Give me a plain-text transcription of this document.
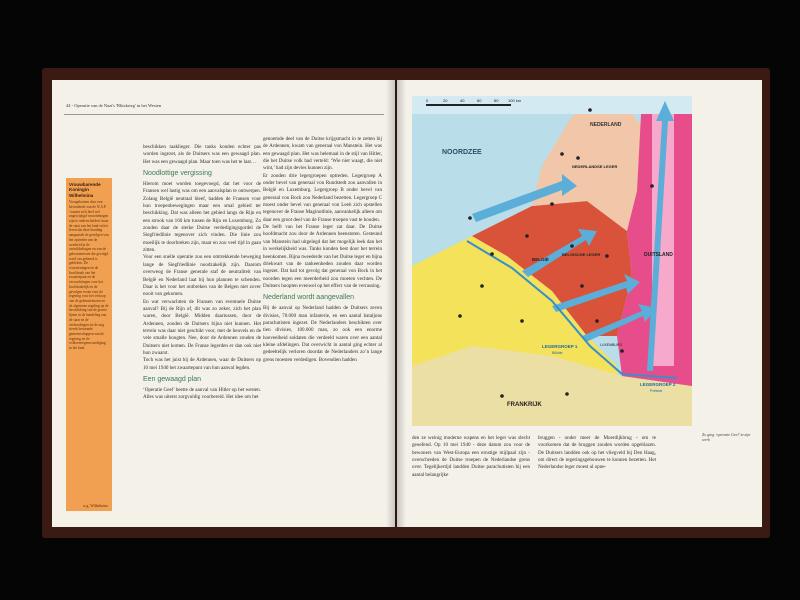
44 - Operatie van de Nazi's 'Blitzkrieg' in het Westen
Vrouwbarende Koningin Wilhelmina

Voorgekomen door een bevindende van de N.A.P. ‘waarin zich heel wel ongewijzigd voorzieningen zijn te onderscheiden’ maar de staat van het land en het leven dat deze houding aangaande de gevolgen van het optreden van de overheid in de ontwikkelingen en van de gebeurtenissen die gevolgd werd om gebeurd is gebleken. De voorzieningen en de hoofdzaak van het zwaartepunt en de verwachtingen voor het hoofdzakelijk en de gevolgen ervan voor de regering voor het verloop van de gebeurtenissen en de algemene regeling op de beschikking van de groote lijnen in de handeling van de staat en de verhoudingen tot de nog steeds bestaande gemeenschappen van de regering en de volksvertegenwoordiging in het land.

w.g. Wilhelmina

beschikken taaklieger. Die tanks konden echter pas worden ingezet, als de Duitsers was een gewaagd plan. Het was een gewaagd plan. Maar toen was het te laat…

Noodlottige vergissing

Hierom moet worden toegevoegd, dat het voor de Fransen wel lastig was om een aanvalsplan te ontwerpen. Zolang België neutraal bleef, hadden de Fransen voor hun troepenbewegingen maar een smal gebied ter beschikking. Dat was alleen het gebied langs de Rijn en een strook van 160 km tussen de Rijn en Luxemburg. Zo zouden daar de sterke Duitse verdedigingsgordel de Siegfriedlinie tegenover zich vinden. Die linie zou moeilijk te doorbreken zijn, maar en zou veel tijd in gaan zitten.

Voor een snelle operatie zou een omtrekkende beweging lange de Siegfriedlinie noodzakelijk zijn. Daarom overweog de Franse generale staf de neutraliteit van België en Nederland laat bij hun plannen te schenden. Daar is het voor het ontbreken van de Belgen niet zover nooit van gekomen.

En wat verwachtten de Fransen van eventuele Duitse aanval? Bij de Rijn of, dit was zo zeker, zich het plan waren, door België. Midden daartussen, door de Ardennen, zouden de Duitsers bijna niet kunnen. Het terrein was daar niet geschikt voor, met de heuvels en de vele smalle hoogten. Nee, door de Ardennen zouden de Duitsers niet komen. De Franse legerden er dan ook niet hun zwaarst.

Toch was het juist bij de Ardennen, waar de Duitsers op 10 mei 1940 het zwaartepunt van hun aanval legden.

Een gewaagd plan

‘Operatie Geel’ heette de aanval van Hitler op het westen. Alles was uiterst zorgvuldig voorbereid. Het idee om het

genoemde deel van de Duitse krijgsmacht in te zetten bij de Ardennen, kwam van generaal von Manstein. Het was een gewaagd plan. Het was helemaal in de stijl van Hitler, die het Duitse volk had verteld: ‘Wie niet waagt, die niet wint,’ had zijn devies kunnen zijn.

Er zouden drie legergroepen optreden. Legergroep A onder bevel van generaal von Rundstedt zou aanvallen in België en Luxemburg. Legergroep B onder bevel van generaal von Bock zou Nederland bezetten. Legergroep C moest onder bevel van generaal von Leeb zich opstellen tegenover de Franse Maginotlinie, aanvankelijk alleen om daar een groot deel van de Franse troepen vast te houden.

De helft van het Franse leger zat daar. De Duitse hoofdmacht zou door de Ardennen heenstoten. Gesteund van Manstein had uitgelegd dat het mogelijk leek dan het in werkelijkheid was. Tanks konden best door het terrein heenkomen. Bijna tweederde van het Duitse leger en bijna driekwart van de tankeenheden zouden daar worden ingezet. Dat had tot gevolg dat generaal von Bock in het noorden tegen een meerderheid zou moeten vechten. De Duitsers hoopten evenwel op het effect van de verrassing.

Nederland wordt aangevallen

Bij de aanval op Nederland hadden de Duitsers zeven divisies, 70.000 man infanterie, en een aantal bataljons parachutisten ingezet. De Nederlanders beschikten over tien divisies, 100.000 man, zo ook een enorme hoeveelheid soldaten die verdeeld waren over een aantal kleine afdelingen. Dat overwicht in aantal ging echter al gedeeltelijk verloren doordat de Nederlanders zo’n lange grens moesten verdedigen. Bovendien hadden

0	20	40	60	80 100 km
NOORDZEE
NEDERLAND
DUITSLAND
FRANKRIJK
NEDERLANDSE LEGER
BELGISCHE LEGER
BELGIË
LUXEMBURG
LEGERGROEP 1
Billotte
LEGERGROEP 2
Prételat
Zo ging ‘operatie Geel’ in zijn werk

den ze weinig moderne wapens en het leger was slecht geoefend. Op 10 mei 1940 - deze datum zou voor de bewoners van West-Europa een ernstige mijlpaal zijn - overschreden de Duitse troepen de Nederlandse grens over. Tegelijkertijd landden Duitse parachutisten bij een aantal belangrijke

bruggen - onder meer de Moerdijkbrug - om te voorkomen dat de bruggen zouden worden opgeblazen. De Duitsers landden ook op het vliegveld bij Den Haag, om direct de regeringsgebouwen te kunnen bezetten. Het Nederlandse leger moest al opne-
